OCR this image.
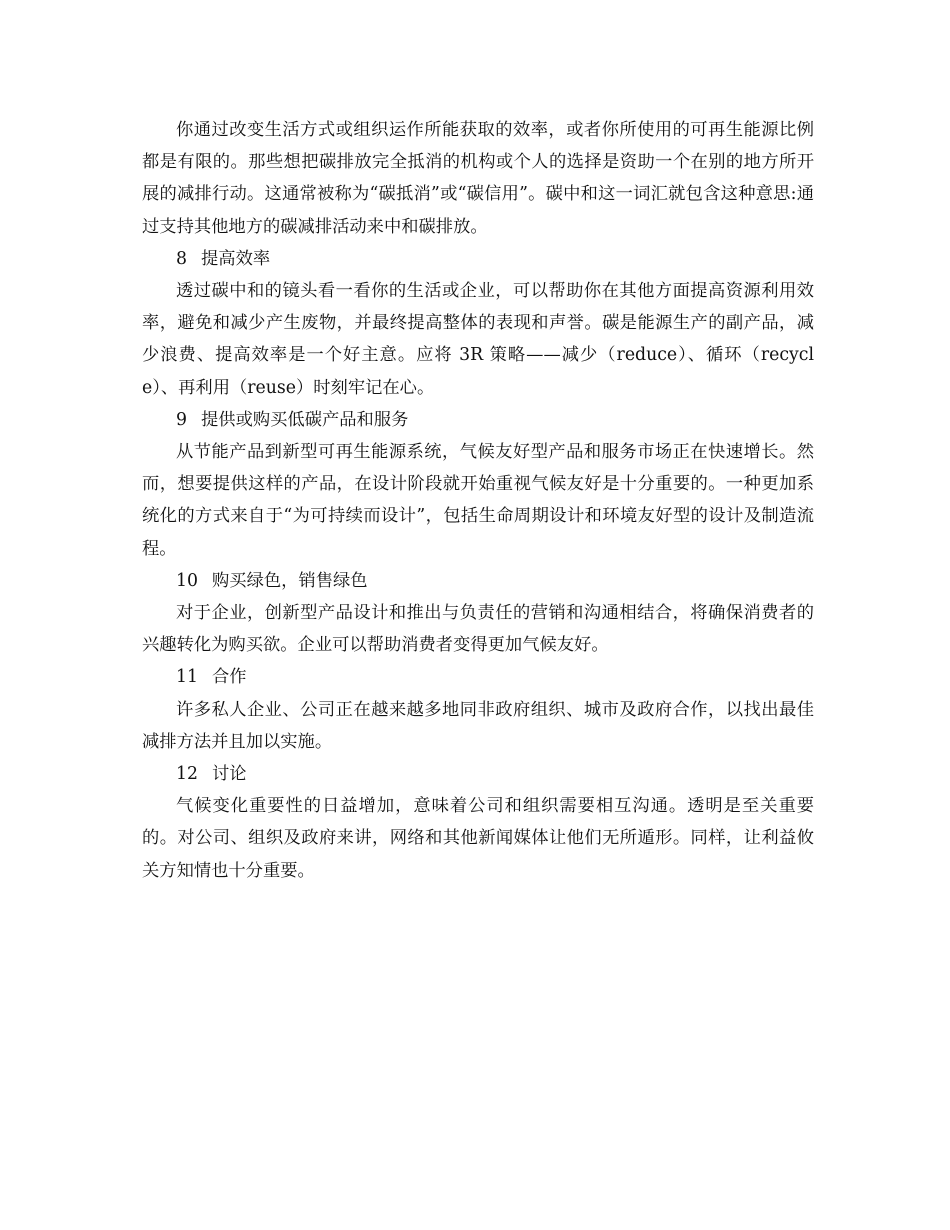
你通过改变生活方式或组织运作所能获取的效率，或者你所使用的可再生能源比例都是有限的。那些想把碳排放完全抵消的机构或个人的选择是资助一个在别的地方所开展的减排行动。这通常被称为“碳抵消”或“碳信用”。碳中和这一词汇就包含这种意思:通过支持其他地方的碳减排活动来中和碳排放。

8 提高效率

透过碳中和的镜头看一看你的生活或企业，可以帮助你在其他方面提高资源利用效率，避免和减少产生废物，并最终提高整体的表现和声誉。碳是能源生产的副产品，减少浪费、提高效率是一个好主意。应将 3R 策略——减少（reduce）、循环（recycle）、再利用（reuse）时刻牢记在心。

9 提供或购买低碳产品和服务

从节能产品到新型可再生能源系统，气候友好型产品和服务市场正在快速增长。然而，想要提供这样的产品，在设计阶段就开始重视气候友好是十分重要的。一种更加系统化的方式来自于“为可持续而设计”，包括生命周期设计和环境友好型的设计及制造流程。

10 购买绿色，销售绿色

对于企业，创新型产品设计和推出与负责任的营销和沟通相结合，将确保消费者的兴趣转化为购买欲。企业可以帮助消费者变得更加气候友好。

11 合作

许多私人企业、公司正在越来越多地同非政府组织、城市及政府合作，以找出最佳减排方法并且加以实施。

12 讨论

气候变化重要性的日益增加，意味着公司和组织需要相互沟通。透明是至关重要的。对公司、组织及政府来讲，网络和其他新闻媒体让他们无所遁形。同样，让利益攸关方知情也十分重要。
